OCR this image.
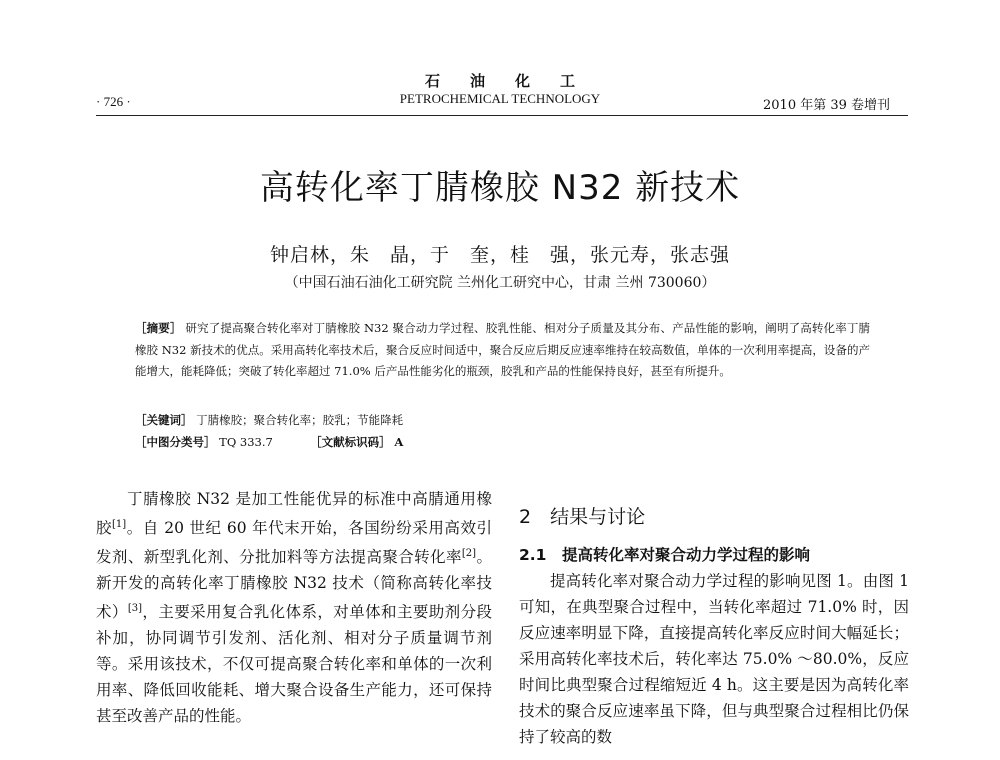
石油化工
PETROCHEMICAL TECHNOLOGY
· 726 ·	2010 年第 39 卷增刊
高转化率丁腈橡胶 N32 新技术
钟启林，朱　晶，于　奎，桂　强，张元寿，张志强
（中国石油石油化工研究院 兰州化工研究中心，甘肃 兰州 730060）
［摘要］ 研究了提高聚合转化率对丁腈橡胶 N32 聚合动力学过程、胶乳性能、相对分子质量及其分布、产品性能的影响，阐明了高转化率丁腈橡胶 N32 新技术的优点。采用高转化率技术后，聚合反应时间适中，聚合反应后期反应速率维持在较高数值，单体的一次利用率提高，设备的产能增大，能耗降低；突破了转化率超过 71.0% 后产品性能劣化的瓶颈，胶乳和产品的性能保持良好，甚至有所提升。
［关键词］ 丁腈橡胶；聚合转化率；胶乳；节能降耗
［中图分类号］ TQ 333.7	［文献标识码］ A

丁腈橡胶 N32 是加工性能优异的标准中高腈通用橡胶[1]。自 20 世纪 60 年代末开始，各国纷纷采用高效引发剂、新型乳化剂、分批加料等方法提高聚合转化率[2]。新开发的高转化率丁腈橡胶 N32 技术（简称高转化率技术）[3]，主要采用复合乳化体系，对单体和主要助剂分段补加，协同调节引发剂、活化剂、相对分子质量调节剂等。采用该技术，不仅可提高聚合转化率和单体的一次利用率、降低回收能耗、增大聚合设备生产能力，还可保持甚至改善产品的性能。

2　结果与讨论
2.1　提高转化率对聚合动力学过程的影响

提高转化率对聚合动力学过程的影响见图 1。由图 1 可知，在典型聚合过程中，当转化率超过 71.0% 时，因反应速率明显下降，直接提高转化率反应时间大幅延长；采用高转化率技术后，转化率达 75.0% ～80.0%，反应时间比典型聚合过程缩短近 4 h。这主要是因为高转化率技术的聚合反应速率虽下降，但与典型聚合过程相比仍保持了较高的数
